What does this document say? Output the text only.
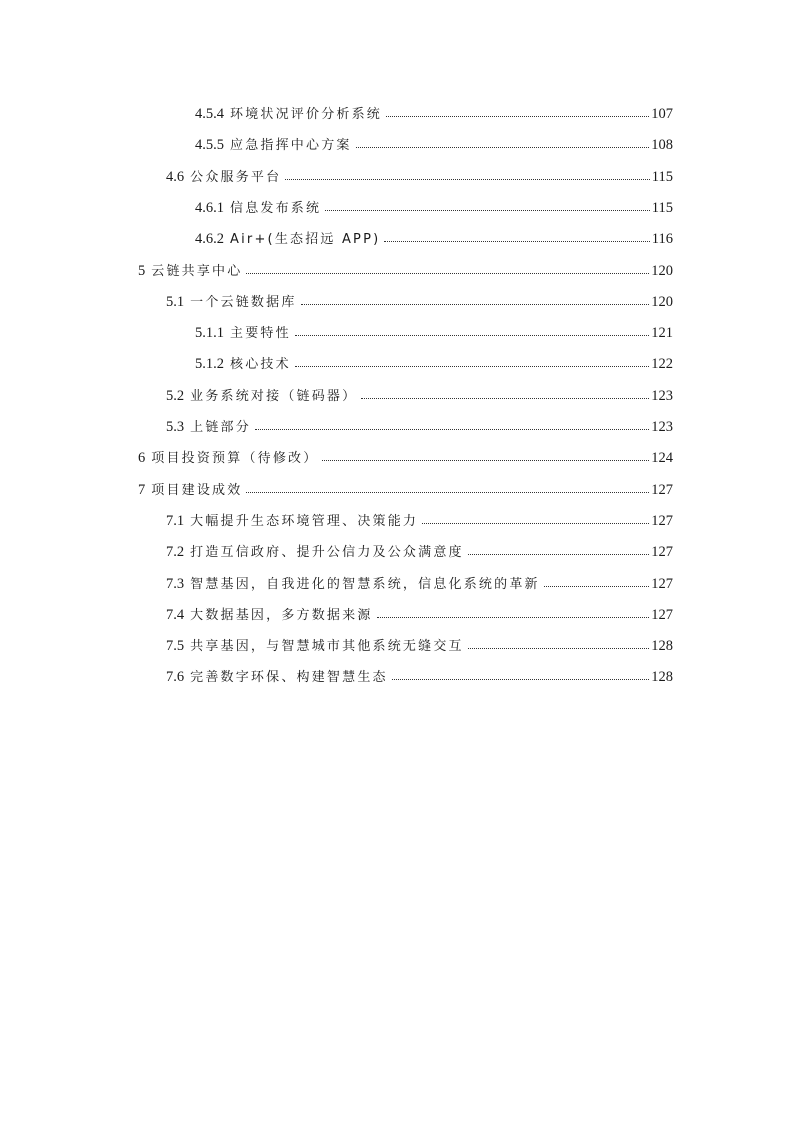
4.5.4 环境状况评价分析系统	107
4.5.5 应急指挥中心方案	108
4.6 公众服务平台	115
4.6.1 信息发布系统	115
4.6.2 Air+(生态招远 APP)	116
5 云链共享中心	120
5.1 一个云链数据库	120
5.1.1 主要特性	121
5.1.2 核心技术	122
5.2 业务系统对接（链码器）	123
5.3 上链部分	123
6 项目投资预算（待修改）	124
7 项目建设成效	127
7.1 大幅提升生态环境管理、决策能力	127
7.2 打造互信政府、提升公信力及公众满意度	127
7.3 智慧基因，自我进化的智慧系统，信息化系统的革新	127
7.4 大数据基因，多方数据来源	127
7.5 共享基因，与智慧城市其他系统无缝交互	128
7.6 完善数字环保、构建智慧生态	128
